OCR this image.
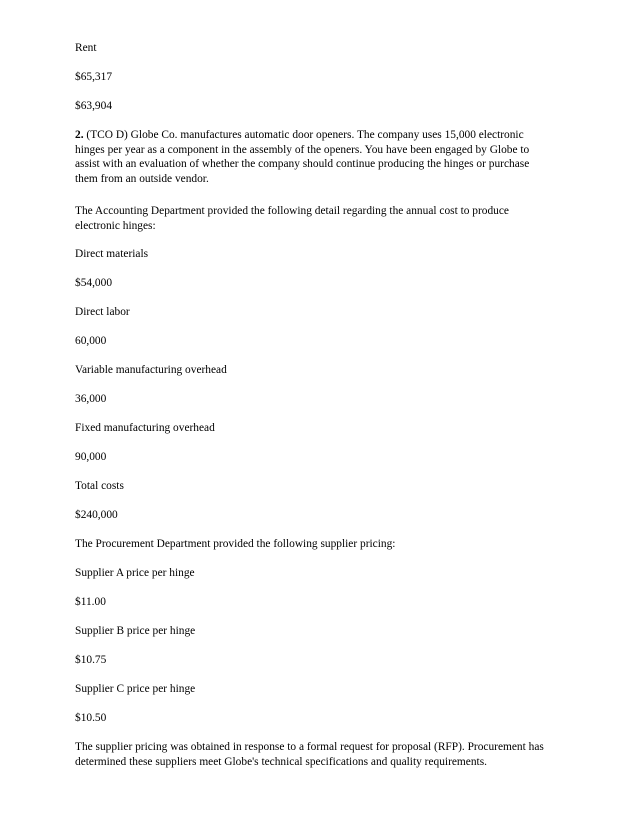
Rent
$65,317
$63,904
2. (TCO D) Globe Co. manufactures automatic door openers. The company uses 15,000 electronic
hinges per year as a component in the assembly of the openers. You have been engaged by Globe to
assist with an evaluation of whether the company should continue producing the hinges or purchase
them from an outside vendor.
The Accounting Department provided the following detail regarding the annual cost to produce
electronic hinges:
Direct materials
$54,000
Direct labor
60,000
Variable manufacturing overhead
36,000
Fixed manufacturing overhead
90,000
Total costs
$240,000
The Procurement Department provided the following supplier pricing:
Supplier A price per hinge
$11.00
Supplier B price per hinge
$10.75
Supplier C price per hinge
$10.50
The supplier pricing was obtained in response to a formal request for proposal (RFP). Procurement has
determined these suppliers meet Globe's technical specifications and quality requirements.
